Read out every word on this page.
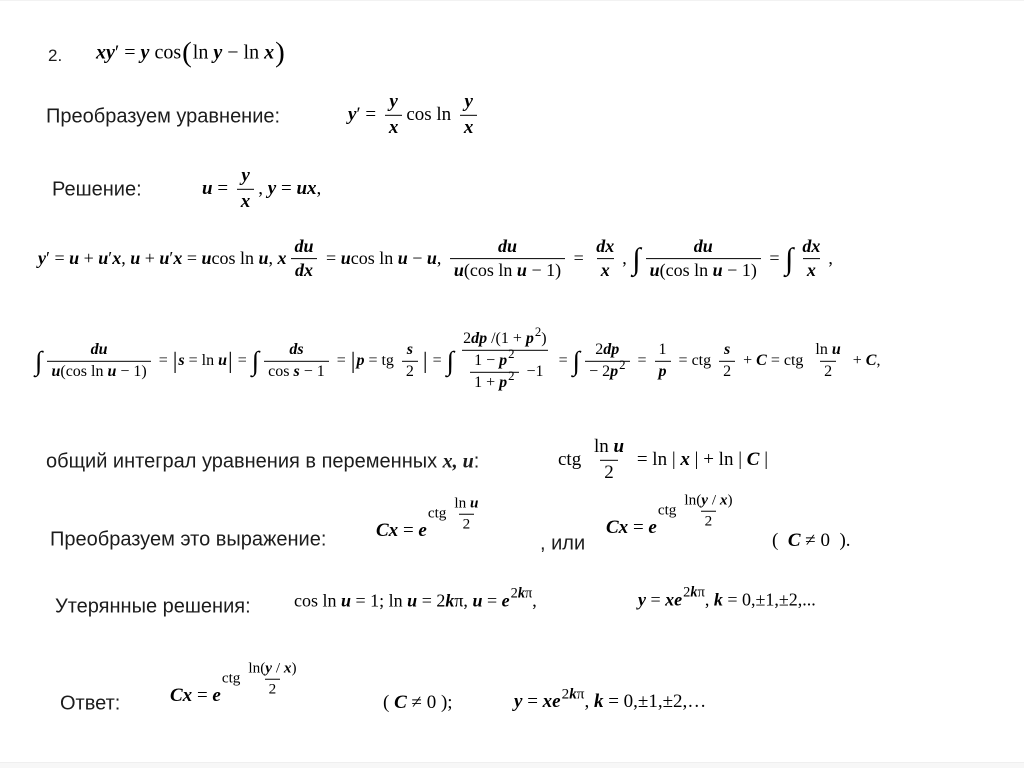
2. xy ′ = y cos ( ln y − ln x )
Преобразуем уравнение:	y ′ = $\frac{y}{x}$ cos ln
y
x
Решение:	$u = \frac{y}{x}$ , y = ux ,
y ′ = u + u ′ x , u + u ′ x = u cos ln u , x $\frac{du}{dx} = u$ cos ln u − u , $\frac{du}{\text{u (cos ln u − 1)}} = \frac{dx}{x}$ , ∫ $\frac{du}{\text{u (cos ln u − 1)}}$ = ∫ dx
x
,
∫ $\frac{du}{\text{u (cos ln u − 1)}}$ = | s = ln u | = ∫ $\frac{ds}{\text{cos s − 1}}$ = | p = tg
s
2 | = ∫ 2 dp /(1 + p 2 )
1 − p 2
1 + p 2 −1 = ∫ $\frac{2 dp}{- 2 p 2} = \frac{1}{p}$ = ctg
s
2
+ C = ctg
ln u
2
+ C ,
общий интеграл уравнения в переменных x, u:	ctg $\frac{\text{ln u}}{2} = \ln$ | x | + ln | C |
Преобразуем это выражение:	Cx = e
ctg
ln u
2
, или
Cx = e
ctg
ln( y / x )
2
( C ≠ 0  ).
Утерянные решения: cos ln u = 1; ln u = 2 k π, u = e 2 k π ,	y = xe 2 k π , k = 0,±1,±2,...
Ответ:	Cx = e
ctg
ln( y / x )
2
( C ≠ 0 );	y = xe 2 k π , k = 0,±1,±2,…
